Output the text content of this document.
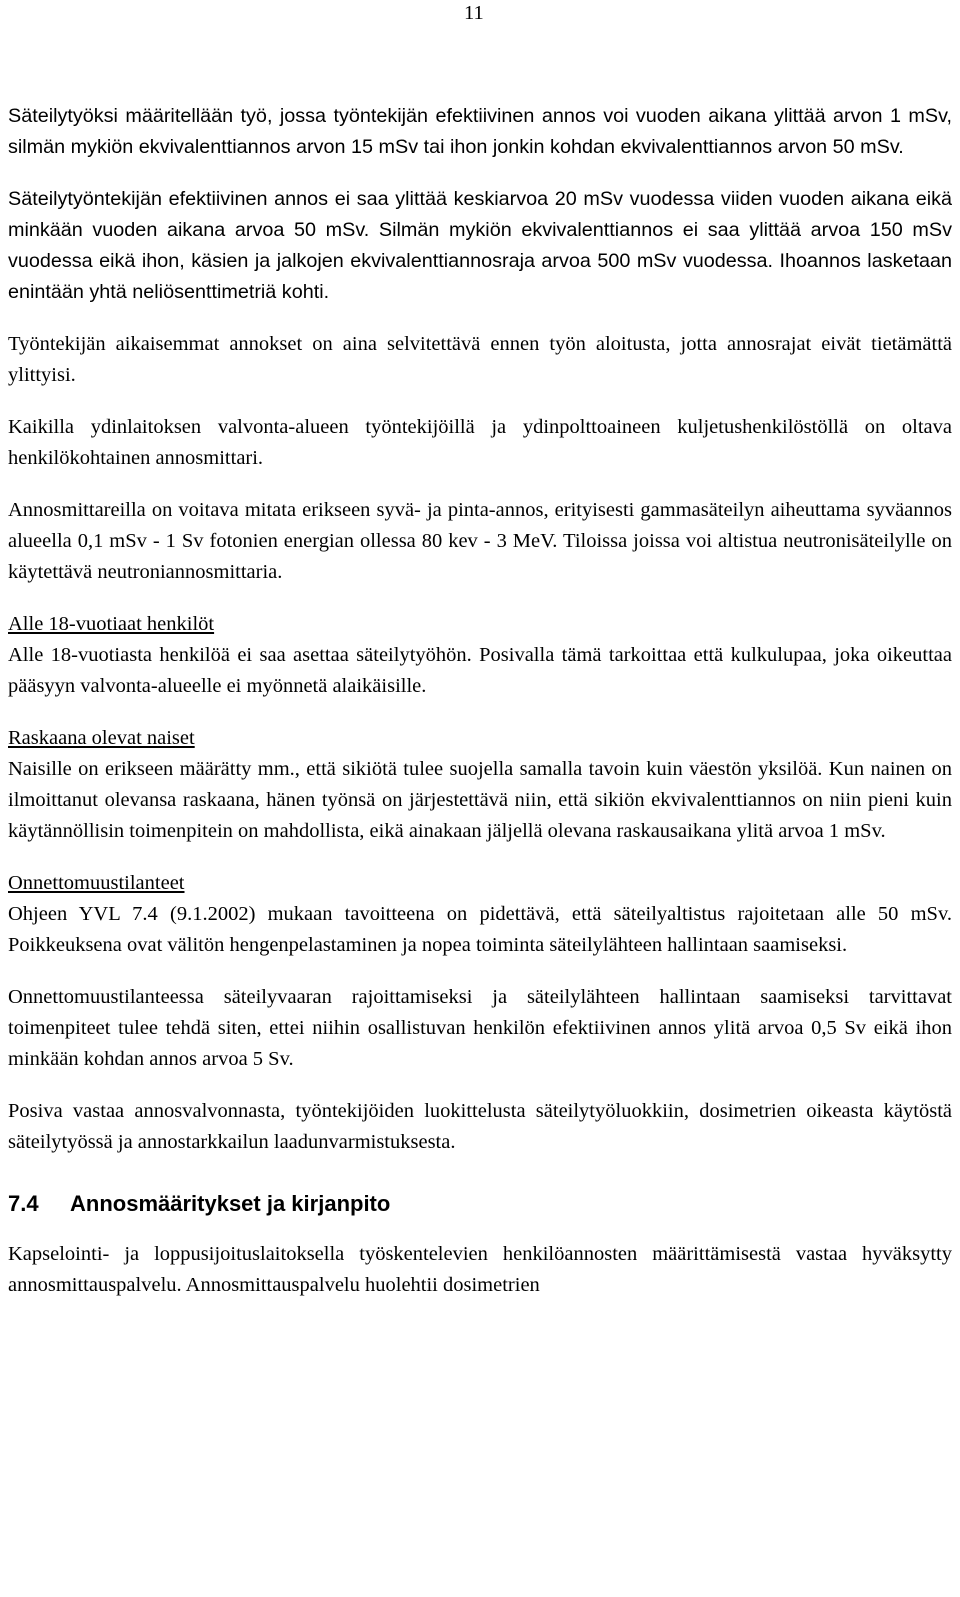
11

Säteilytyöksi määritellään työ, jossa työntekijän efektiivinen annos voi vuoden aikana ylittää arvon 1 mSv, silmän mykiön ekvivalenttiannos arvon 15 mSv tai ihon jonkin kohdan ekvivalenttiannos arvon 50 mSv.

Säteilytyöntekijän efektiivinen annos ei saa ylittää keskiarvoa 20 mSv vuodessa viiden vuoden aikana eikä minkään vuoden aikana arvoa 50 mSv. Silmän mykiön ekvivalenttiannos ei saa ylittää arvoa 150 mSv vuodessa eikä ihon, käsien ja jalkojen ekvivalenttiannosraja arvoa 500 mSv vuodessa. Ihoannos lasketaan enintään yhtä neliösenttimetriä kohti.

Työntekijän aikaisemmat annokset on aina selvitettävä ennen työn aloitusta, jotta annosrajat eivät tietämättä ylittyisi.

Kaikilla ydinlaitoksen valvonta-alueen työntekijöillä ja ydinpolttoaineen kuljetushenkilöstöllä on oltava henkilökohtainen annosmittari.

Annosmittareilla on voitava mitata erikseen syvä- ja pinta-annos, erityisesti gammasäteilyn aiheuttama syväannos alueella 0,1 mSv - 1 Sv fotonien energian ollessa 80 kev - 3 MeV. Tiloissa joissa voi altistua neutronisäteilylle on käytettävä neutroniannosmittaria.

Alle 18-vuotiaat henkilöt

Alle 18-vuotiasta henkilöä ei saa asettaa säteilytyöhön. Posivalla tämä tarkoittaa että kulkulupaa, joka oikeuttaa pääsyyn valvonta-alueelle ei myönnetä alaikäisille.

Raskaana olevat naiset

Naisille on erikseen määrätty mm., että sikiötä tulee suojella samalla tavoin kuin väestön yksilöä. Kun nainen on ilmoittanut olevansa raskaana, hänen työnsä on järjestettävä niin, että sikiön ekvivalenttiannos on niin pieni kuin käytännöllisin toimenpitein on mahdollista, eikä ainakaan jäljellä olevana raskausaikana ylitä arvoa 1 mSv.

Onnettomuustilanteet

Ohjeen YVL 7.4 (9.1.2002) mukaan tavoitteena on pidettävä, että säteilyaltistus rajoitetaan alle 50 mSv. Poikkeuksena ovat välitön hengenpelastaminen ja nopea toiminta säteilylähteen hallintaan saamiseksi.

Onnettomuustilanteessa säteilyvaaran rajoittamiseksi ja säteilylähteen hallintaan saamiseksi tarvittavat toimenpiteet tulee tehdä siten, ettei niihin osallistuvan henkilön efektiivinen annos ylitä arvoa 0,5 Sv eikä ihon minkään kohdan annos arvoa 5 Sv.

Posiva vastaa annosvalvonnasta, työntekijöiden luokittelusta säteilytyöluokkiin, dosimetrien oikeasta käytöstä säteilytyössä ja annostarkkailun laadunvarmistuksesta.

7.4 Annosmääritykset ja kirjanpito

Kapselointi- ja loppusijoituslaitoksella työskentelevien henkilöannosten määrittämisestä vastaa hyväksytty annosmittauspalvelu. Annosmittauspalvelu huolehtii dosimetrien
